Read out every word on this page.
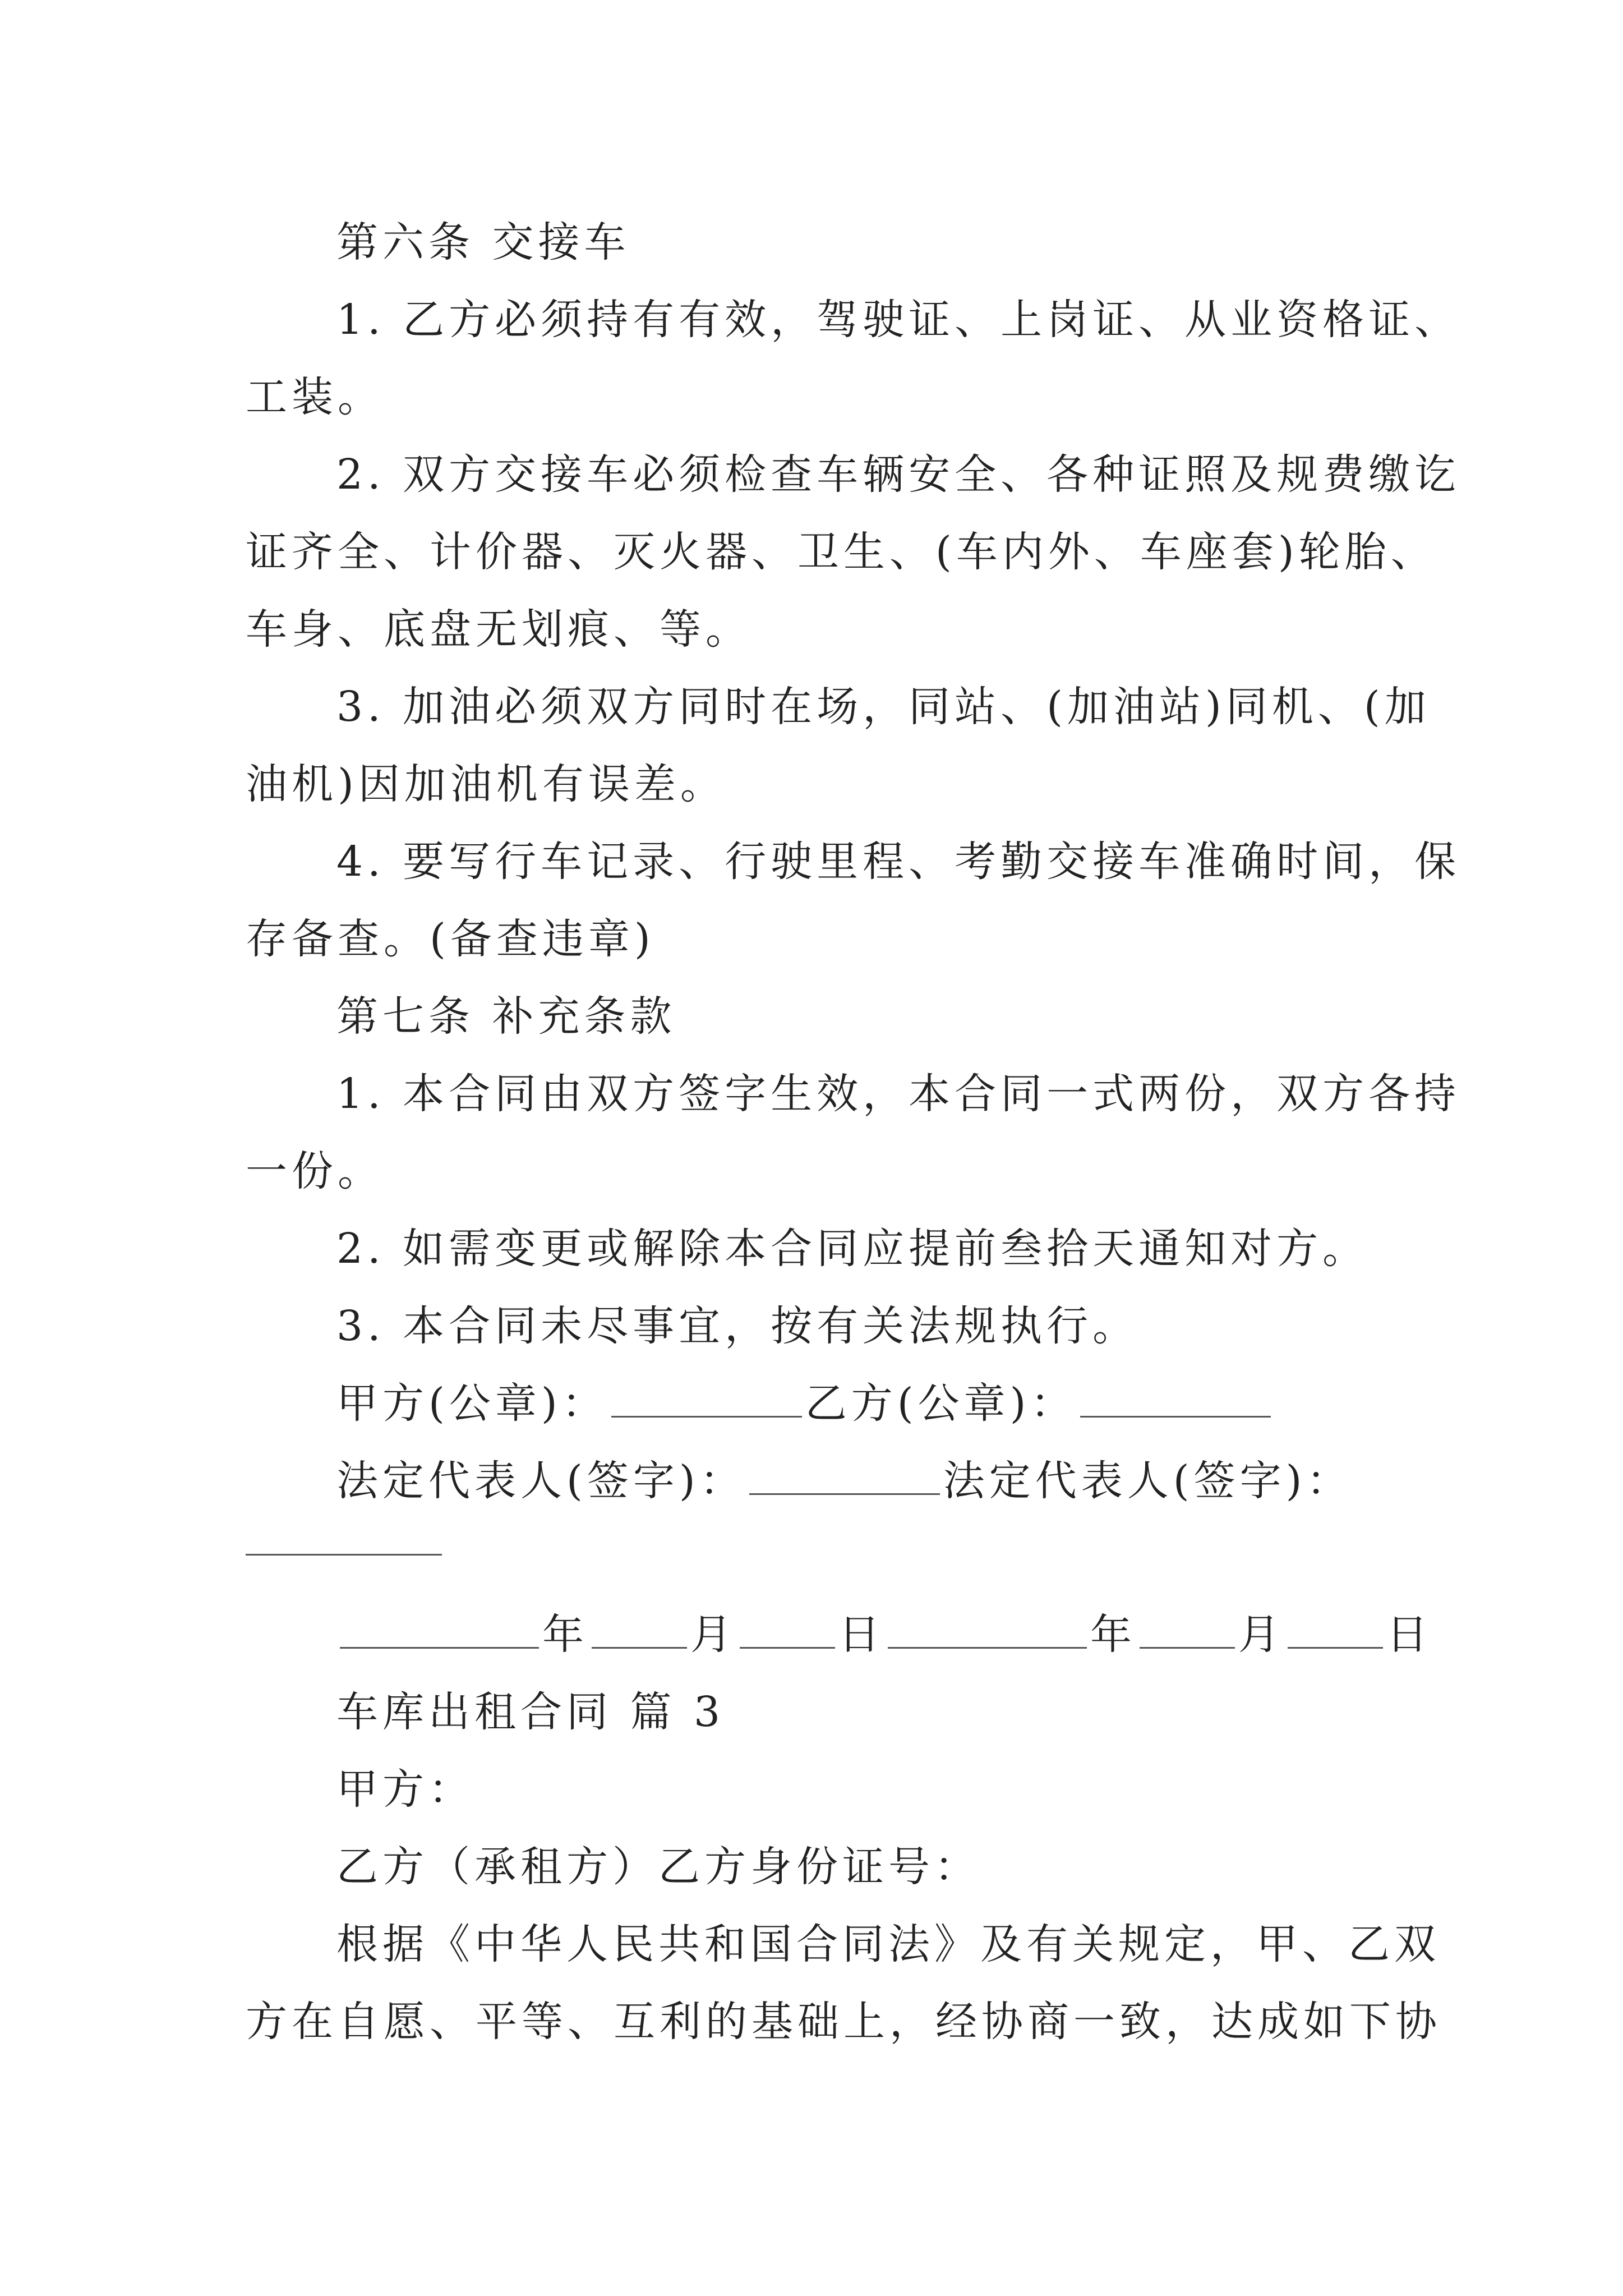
第六条 交接车
1. 乙方必须持有有效，驾驶证、上岗证、从业资格证、
工装。
2. 双方交接车必须检查车辆安全、各种证照及规费缴讫
证齐全、计价器、灭火器、卫生、(车内外、车座套)轮胎、
车身、底盘无划痕、等。
3. 加油必须双方同时在场，同站、(加油站)同机、(加
油机)因加油机有误差。
4. 要写行车记录、行驶里程、考勤交接车准确时间，保
存备查。(备查违章)
第七条 补充条款
1. 本合同由双方签字生效，本合同一式两份，双方各持
一份。
2. 如需变更或解除本合同应提前叁拾天通知对方。
3. 本合同未尽事宜，按有关法规执行。
甲方(公章)：	乙方(公章)：
法定代表人(签字)：	法定代表人(签字)：
年 月 日	年 月 日
车库出租合同 篇 3
甲方：
乙方（承租方）乙方身份证号：
根据《中华人民共和国合同法》及有关规定，甲、乙双
方在自愿、平等、互利的基础上，经协商一致，达成如下协
